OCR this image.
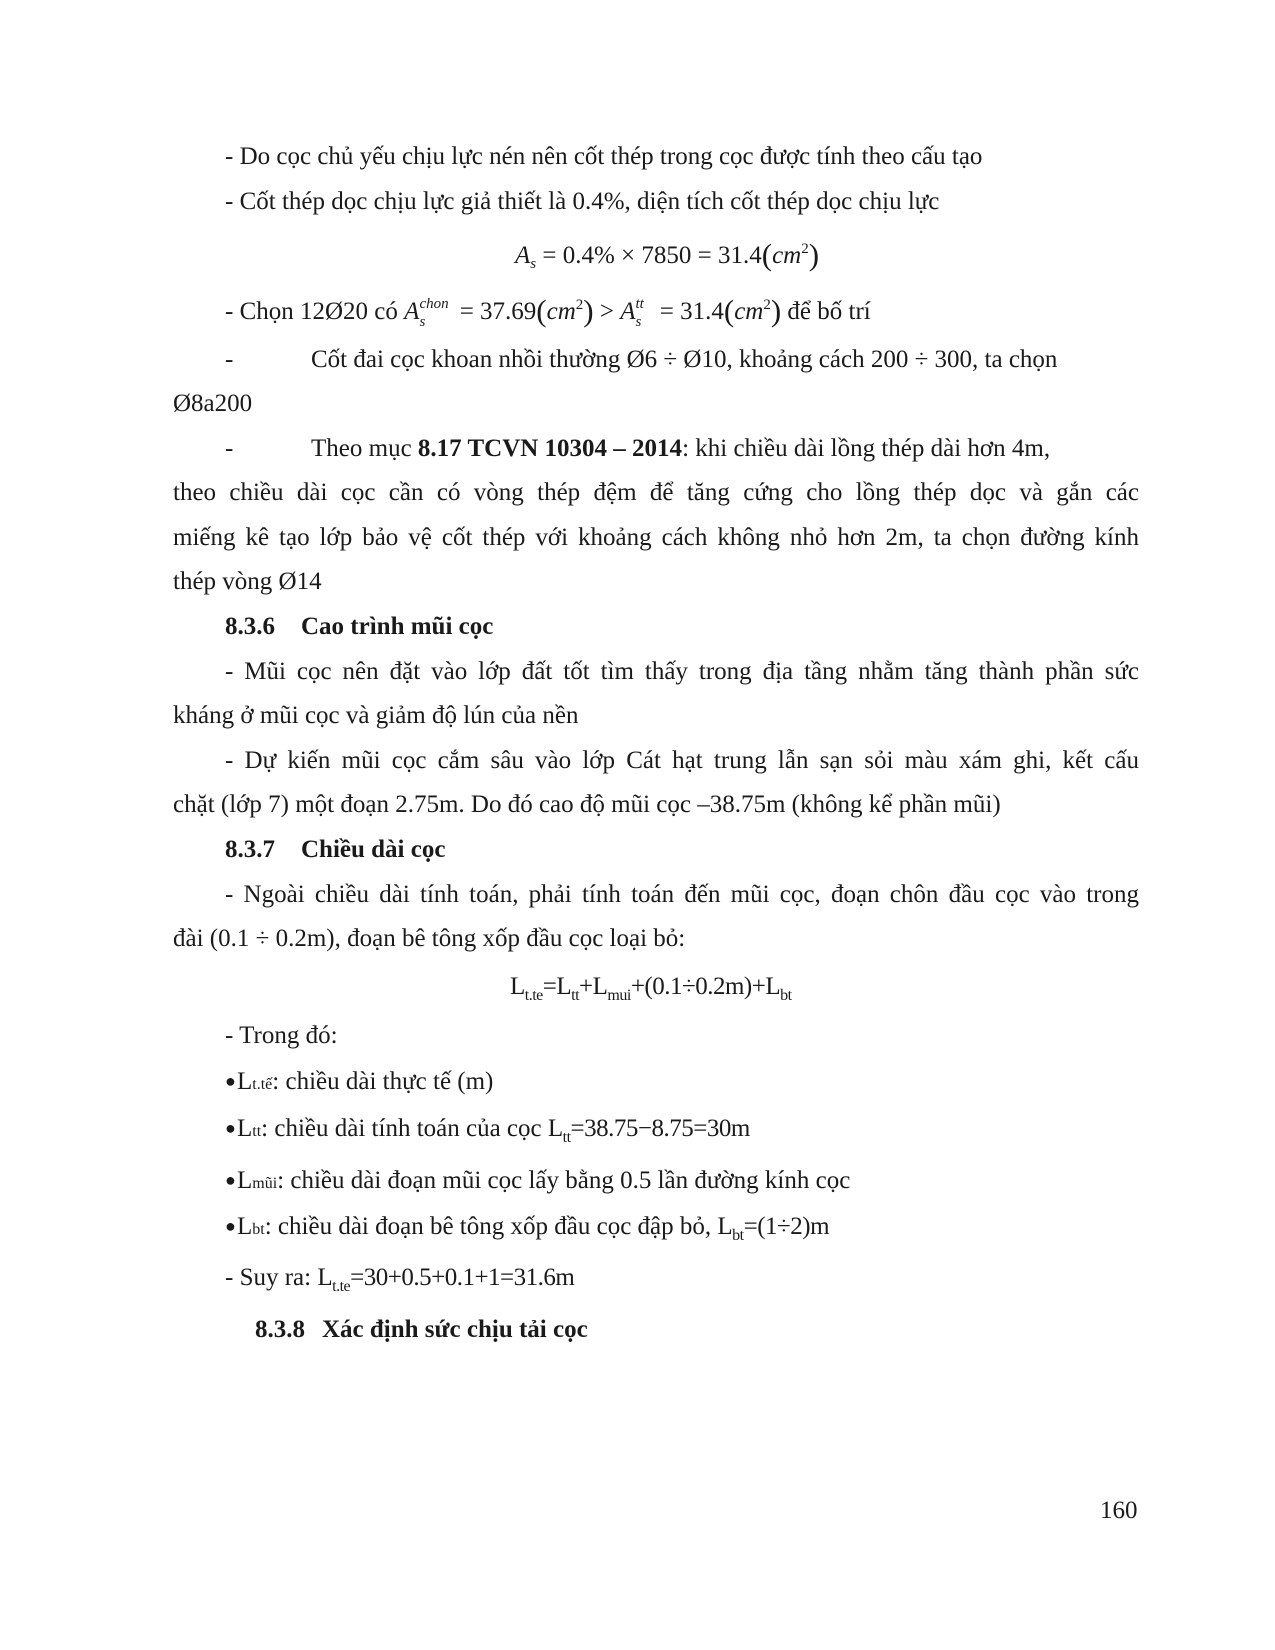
- Do cọc chủ yếu chịu lực nén nên cốt thép trong cọc được tính theo cấu tạo
- Cốt thép dọc chịu lực giả thiết là 0.4%, diện tích cốt thép dọc chịu lực
$A_s = 0.4\% \times 7850 = 31.4(cm^2)$
- Chọn 12Ø20 có A chon
$s = 37.69(cm^2) > A$ tt
$s = 31.4(cm^2)$ để bố trí
-	Cốt đai cọc khoan nhồi thường Ø6 ÷ Ø10, khoảng cách 200 ÷ 300, ta chọn
Ø8a200
-	Theo mục 8.17 TCVN 10304 – 2014: khi chiều dài lồng thép dài hơn 4m,
theo chiều dài cọc cần có vòng thép đệm để tăng cứng cho lồng thép dọc và gắn các
miếng kê tạo lớp bảo vệ cốt thép với khoảng cách không nhỏ hơn 2m, ta chọn đường kính
thép vòng Ø14
8.3.6 Cao trình mũi cọc
- Mũi cọc nên đặt vào lớp đất tốt tìm thấy trong địa tầng nhằm tăng thành phần sức
kháng ở mũi cọc và giảm độ lún của nền
- Dự kiến mũi cọc cắm sâu vào lớp Cát hạt trung lẫn sạn sỏi màu xám ghi, kết cấu
chặt (lớp 7) một đoạn 2.75m. Do đó cao độ mũi cọc –38.75m (không kể phần mũi)
8.3.7 Chiều dài cọc
- Ngoài chiều dài tính toán, phải tính toán đến mũi cọc, đoạn chôn đầu cọc vào trong
đài (0.1 ÷ 0.2m), đoạn bê tông xốp đầu cọc loại bỏ:
$L_{t.te}=L_{tt}+L_{mui}+(0.1\div 0.2m)+L_{bt}$
- Trong đó:
●Lt.tế: chiều dài thực tế (m)
●Ltt: chiều dài tính toán của cọc $L_{tt}=38.75-8.75=30m$
●Lmũi: chiều dài đoạn mũi cọc lấy bằng 0.5 lần đường kính cọc
●Lbt: chiều dài đoạn bê tông xốp đầu cọc đập bỏ, $L_{bt}=(1\div 2)m$
- Suy ra: $L_{t.te}=30+0.5+0.1+1=31.6m$
8.3.8 Xác định sức chịu tải cọc
160
